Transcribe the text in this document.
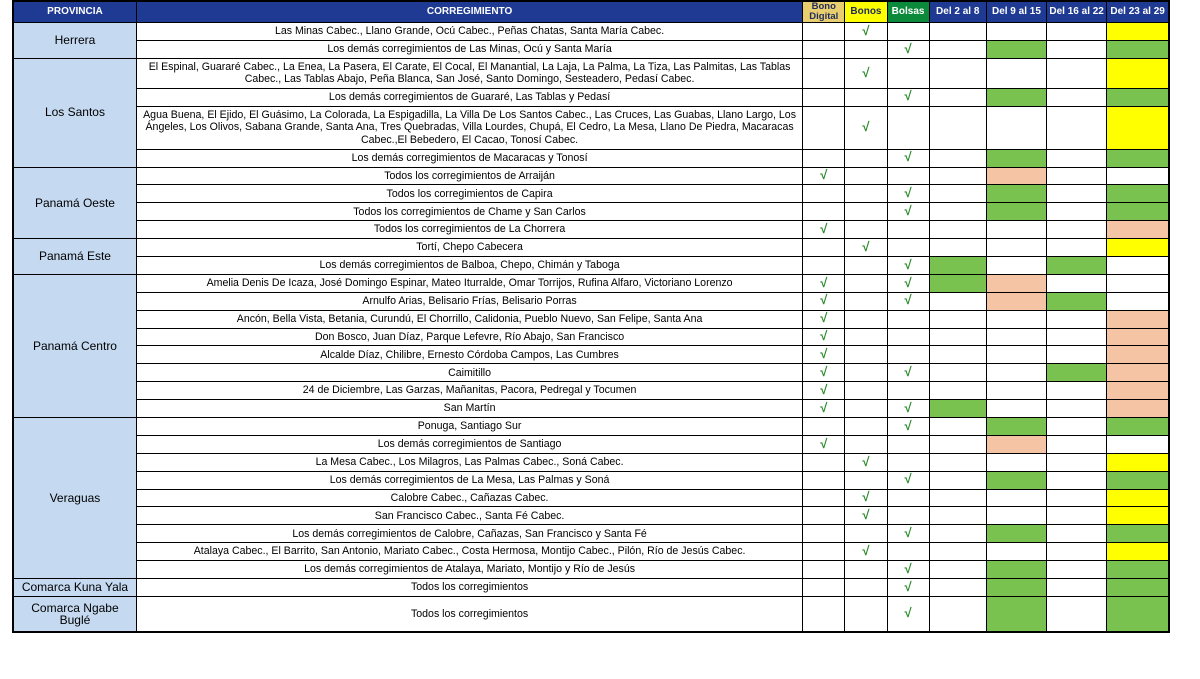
PROVINCIA	CORREGIMIENTO	Bono Digital	Bonos	Bolsas	Del 2 al 8	Del 9 al 15	Del 16 al 22	Del 23 al 29
Herrera	Las Minas Cabec., Llano Grande, Ocú Cabec., Peñas Chatas, Santa María Cabec.		√					
	Los demás corregimientos de Las Minas, Ocú y Santa María			√				
Los Santos	El Espinal, Guararé Cabec., La Enea, La Pasera, El Carate, El Cocal, El Manantial, La Laja, La Palma, La Tiza, Las Palmitas, Las Tablas Cabec., Las Tablas Abajo, Peña Blanca, San José, Santo Domingo, Sesteadero, Pedasí Cabec.		√					
	Los demás corregimientos de Guararé, Las Tablas y Pedasí			√				
	Agua Buena, El Ejido, El Guásimo, La Colorada, La Espigadilla, La Villa De Los Santos Cabec., Las Cruces, Las Guabas, Llano Largo, Los Ángeles, Los Olivos, Sabana Grande, Santa Ana, Tres Quebradas, Villa Lourdes, Chupá, El Cedro, La Mesa, Llano De Piedra, Macaracas Cabec.,El Bebedero, El Cacao, Tonosí Cabec.		√					
	Los demás corregimientos de Macaracas y Tonosí			√				
Panamá Oeste	Todos los corregimientos de Arraiján	√						
	Todos los corregimientos de Capira			√				
	Todos los corregimientos de Chame y San Carlos			√				
	Todos los corregimientos de La Chorrera	√						
Panamá Este	Tortí, Chepo Cabecera		√					
	Los demás corregimientos de Balboa, Chepo, Chimán y Taboga			√				
Panamá Centro	Amelia Denis De Icaza, José Domingo Espinar, Mateo Iturralde, Omar Torrijos, Rufina Alfaro, Victoriano Lorenzo	√		√				
	Arnulfo Arias, Belisario Frías, Belisario Porras	√		√				
	Ancón, Bella Vista, Betania, Curundú, El Chorrillo, Calidonia, Pueblo Nuevo, San Felipe, Santa Ana	√						
	Don Bosco, Juan Díaz, Parque Lefevre, Río Abajo, San Francisco	√						
	Alcalde Díaz, Chilibre, Ernesto Córdoba Campos, Las Cumbres	√						
	Caimitillo	√		√				
	24 de Diciembre, Las Garzas, Mañanitas, Pacora, Pedregal y Tocumen	√						
	San Martín	√		√				
Veraguas	Ponuga, Santiago Sur			√				
	Los demás corregimientos de Santiago	√						
	La Mesa Cabec., Los Milagros, Las Palmas Cabec., Soná Cabec.		√					
	Los demás corregimientos de La Mesa, Las Palmas y Soná			√				
	Calobre Cabec., Cañazas Cabec.		√					
	San Francisco Cabec., Santa Fé Cabec.		√					
	Los demás corregimientos de Calobre, Cañazas, San Francisco y Santa Fé			√				
	Atalaya Cabec., El Barrito, San Antonio, Mariato Cabec., Costa Hermosa, Montijo Cabec., Pilón, Río de Jesús Cabec.		√					
	Los demás corregimientos de Atalaya, Mariato, Montijo y Río de Jesús			√				
Comarca Kuna Yala	Todos los corregimientos			√				
Comarca Ngabe Buglé	Todos los corregimientos			√				
